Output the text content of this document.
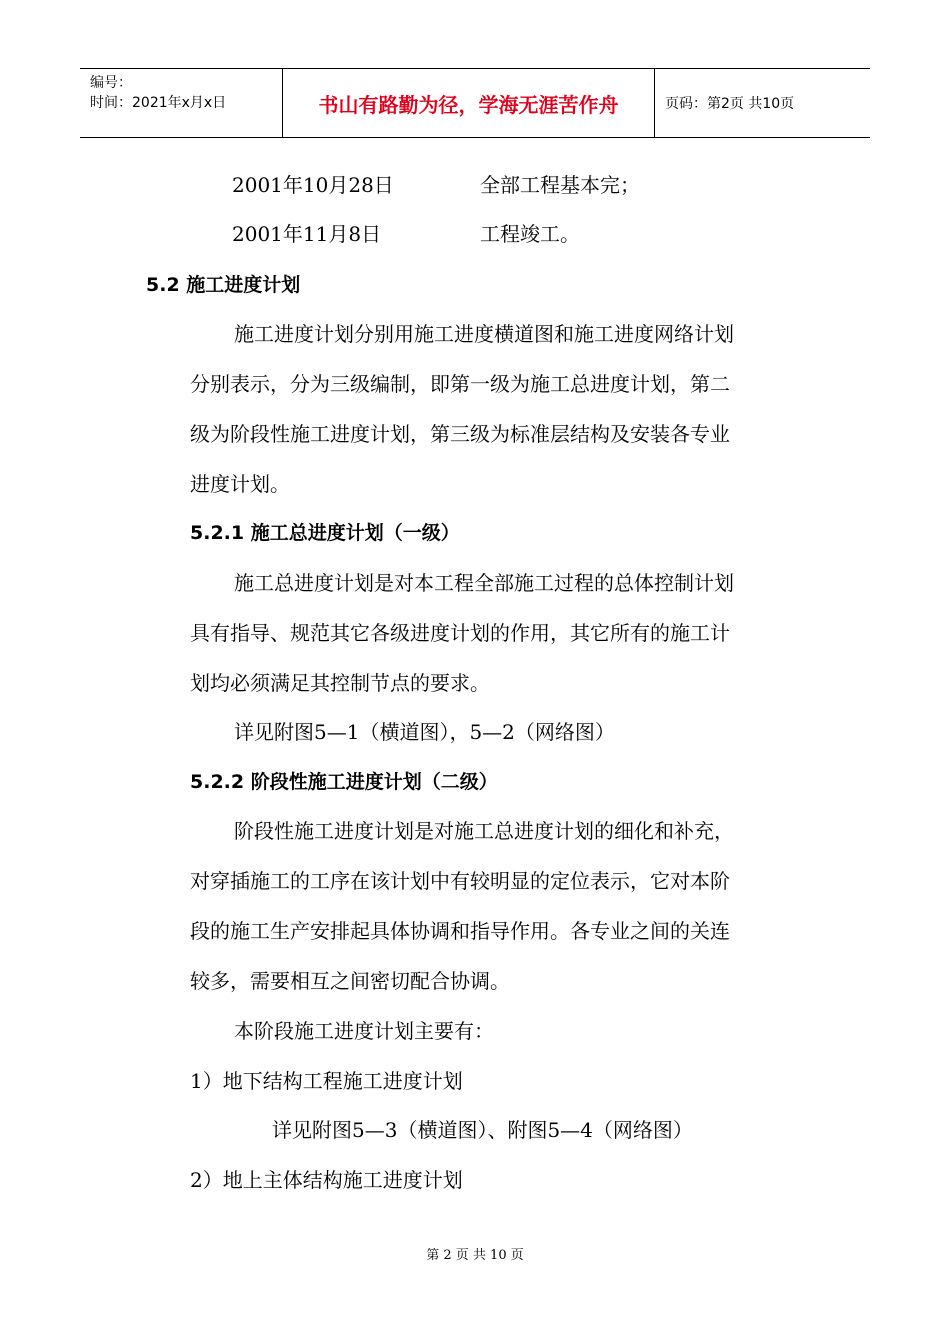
编号：
时间：2021年x月x日	书山有路勤为径，学海无涯苦作舟	页码：第2页 共10页
2001年10月28日	全部工程基本完；
2001年11月8日	工程竣工。
5.2 施工进度计划
施工进度计划分别用施工进度横道图和施工进度网络计划
分别表示，分为三级编制，即第一级为施工总进度计划，第二
级为阶段性施工进度计划，第三级为标准层结构及安装各专业
进度计划。
5.2.1 施工总进度计划（一级）
施工总进度计划是对本工程全部施工过程的总体控制计划
具有指导、规范其它各级进度计划的作用，其它所有的施工计
划均必须满足其控制节点的要求。
详见附图5—1（横道图），5—2（网络图）
5.2.2 阶段性施工进度计划（二级）
阶段性施工进度计划是对施工总进度计划的细化和补充，
对穿插施工的工序在该计划中有较明显的定位表示，它对本阶
段的施工生产安排起具体协调和指导作用。各专业之间的关连
较多，需要相互之间密切配合协调。
本阶段施工进度计划主要有：
1）地下结构工程施工进度计划
详见附图5—3（横道图）、附图5—4（网络图）
2）地上主体结构施工进度计划
第 2 页 共 10 页
